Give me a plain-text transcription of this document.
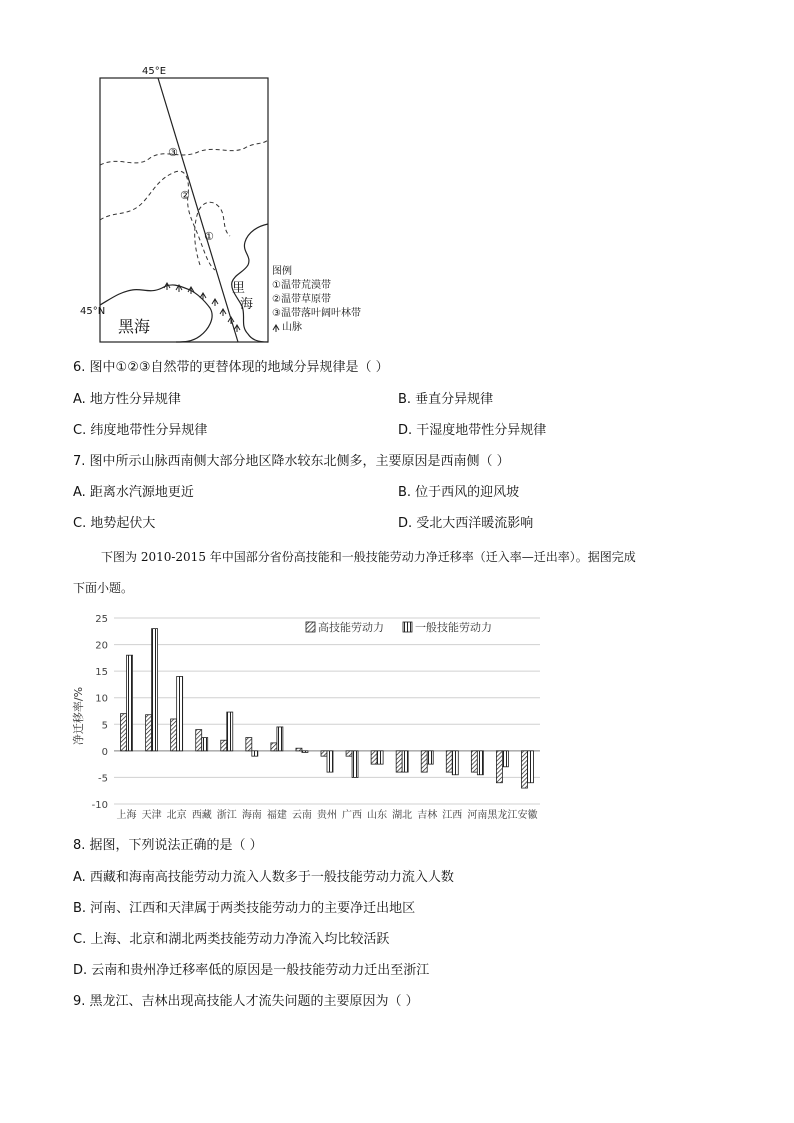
45°E
45°N
③
②
①
黑海
里
海
图例
①温带荒漠带
②温带草原带
③温带落叶阔叶林带
山脉
6. 图中①②③自然带的更替体现的地域分异规律是（ ）
A. 地方性分异规律	B. 垂直分异规律
C. 纬度地带性分异规律	D. 干湿度地带性分异规律
7. 图中所示山脉西南侧大部分地区降水较东北侧多，主要原因是西南侧（ ）
A. 距离水汽源地更近	B. 位于西风的迎风坡
C. 地势起伏大	D. 受北大西洋暖流影响
下图为 2010-2015 年中国部分省份高技能和一般技能劳动力净迁移率（迁入率—迁出率）。据图完成
下面小题。
25
20
15
10
5
0
-5
-10
上海 天津 北京 西藏 浙江 海南 福建 云南 贵州 广西 山东 湖北 吉林 江西 河南 黑龙江 安徽
净迁移率/%
高技能劳动力	一般技能劳动力
8. 据图，下列说法正确的是（ ）
A. 西藏和海南高技能劳动力流入人数多于一般技能劳动力流入人数
B. 河南、江西和天津属于两类技能劳动力的主要净迁出地区
C. 上海、北京和湖北两类技能劳动力净流入均比较活跃
D. 云南和贵州净迁移率低的原因是一般技能劳动力迁出至浙江
9. 黑龙江、吉林出现高技能人才流失问题的主要原因为（ ）
